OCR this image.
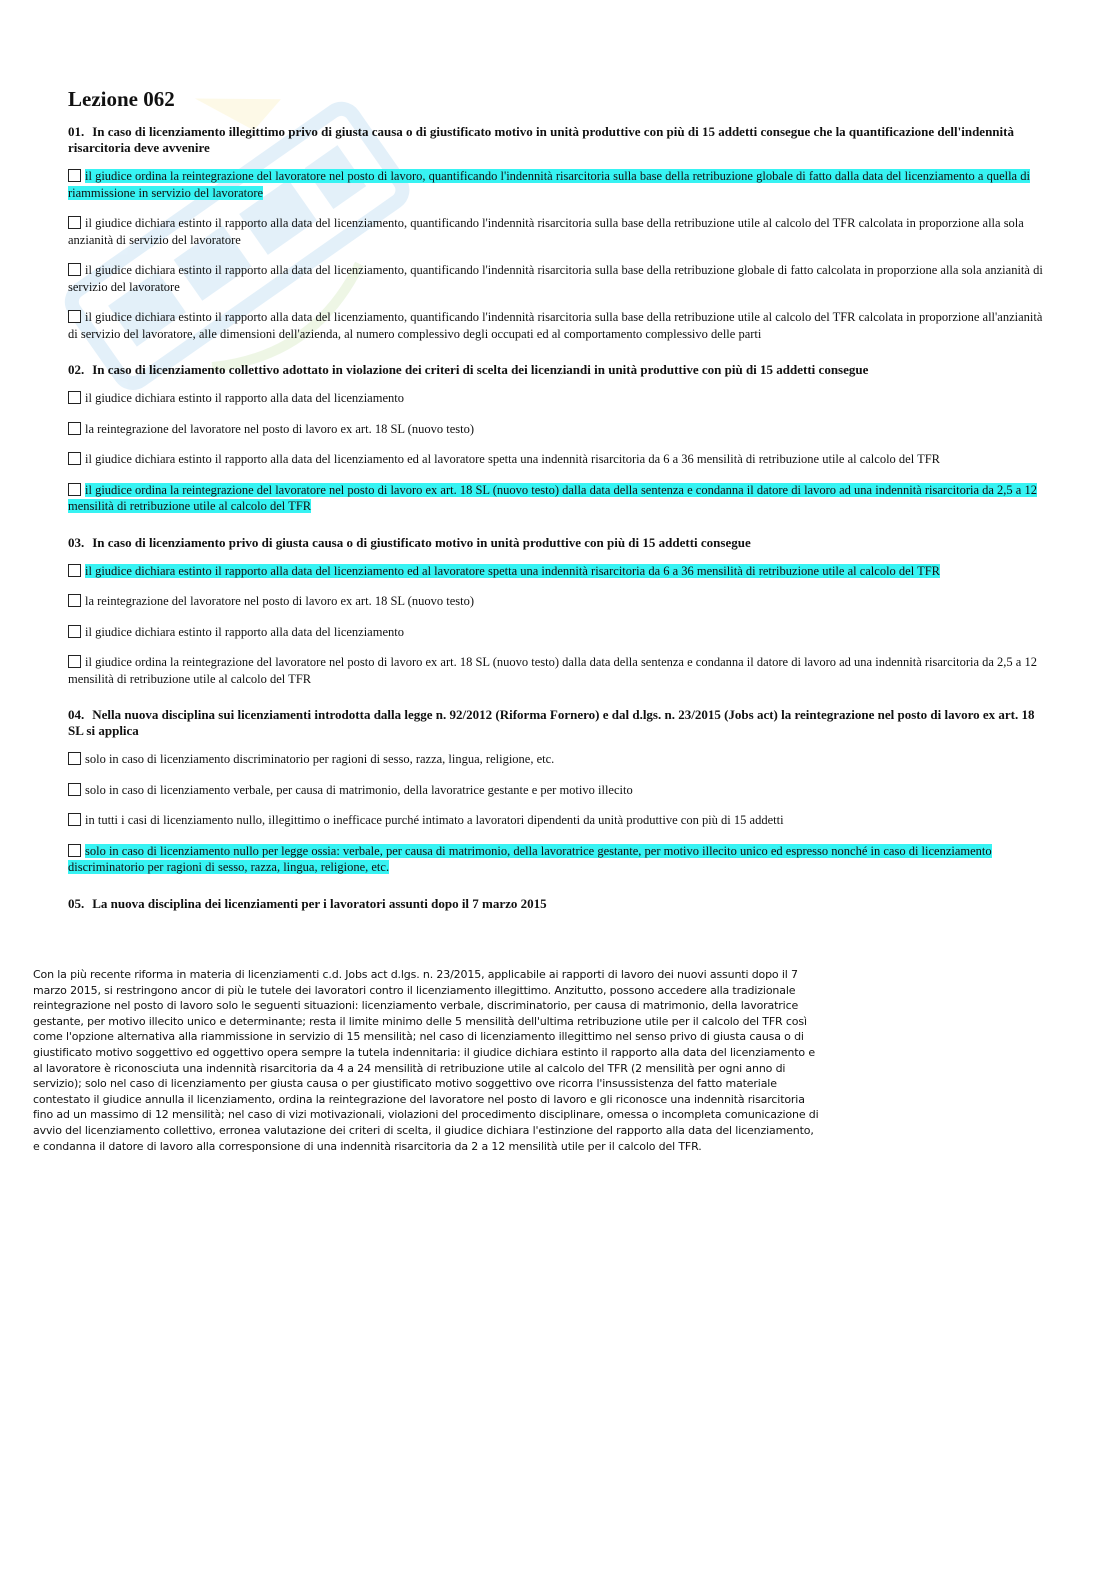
Lezione 062
01. In caso di licenziamento illegittimo privo di giusta causa o di giustificato motivo in unità produttive con più di 15 addetti consegue che la quantificazione dell'indennità risarcitoria deve avvenire
il giudice ordina la reintegrazione del lavoratore nel posto di lavoro, quantificando l'indennità risarcitoria sulla base della retribuzione globale di fatto dalla data del licenziamento a quella di riammissione in servizio del lavoratore
il giudice dichiara estinto il rapporto alla data del licenziamento, quantificando l'indennità risarcitoria sulla base della retribuzione utile al calcolo del TFR calcolata in proporzione alla sola anzianità di servizio del lavoratore
il giudice dichiara estinto il rapporto alla data del licenziamento, quantificando l'indennità risarcitoria sulla base della retribuzione globale di fatto calcolata in proporzione alla sola anzianità di servizio del lavoratore
il giudice dichiara estinto il rapporto alla data del licenziamento, quantificando l'indennità risarcitoria sulla base della retribuzione utile al calcolo del TFR calcolata in proporzione all'anzianità di servizio del lavoratore, alle dimensioni dell'azienda, al numero complessivo degli occupati ed al comportamento complessivo delle parti
02. In caso di licenziamento collettivo adottato in violazione dei criteri di scelta dei licenziandi in unità produttive con più di 15 addetti consegue
il giudice dichiara estinto il rapporto alla data del licenziamento
la reintegrazione del lavoratore nel posto di lavoro ex art. 18 SL (nuovo testo)
il giudice dichiara estinto il rapporto alla data del licenziamento ed al lavoratore spetta una indennità risarcitoria da 6 a 36 mensilità di retribuzione utile al calcolo del TFR
il giudice ordina la reintegrazione del lavoratore nel posto di lavoro ex art. 18 SL (nuovo testo) dalla data della sentenza e condanna il datore di lavoro ad una indennità risarcitoria da 2,5 a 12 mensilità di retribuzione utile al calcolo del TFR
03. In caso di licenziamento privo di giusta causa o di giustificato motivo in unità produttive con più di 15 addetti consegue
il giudice dichiara estinto il rapporto alla data del licenziamento ed al lavoratore spetta una indennità risarcitoria da 6 a 36 mensilità di retribuzione utile al calcolo del TFR
la reintegrazione del lavoratore nel posto di lavoro ex art. 18 SL (nuovo testo)
il giudice dichiara estinto il rapporto alla data del licenziamento
il giudice ordina la reintegrazione del lavoratore nel posto di lavoro ex art. 18 SL (nuovo testo) dalla data della sentenza e condanna il datore di lavoro ad una indennità risarcitoria da 2,5 a 12 mensilità di retribuzione utile al calcolo del TFR
04. Nella nuova disciplina sui licenziamenti introdotta dalla legge n. 92/2012 (Riforma Fornero) e dal d.lgs. n. 23/2015 (Jobs act) la reintegrazione nel posto di lavoro ex art. 18 SL si applica
solo in caso di licenziamento discriminatorio per ragioni di sesso, razza, lingua, religione, etc.
solo in caso di licenziamento verbale, per causa di matrimonio, della lavoratrice gestante e per motivo illecito
in tutti i casi di licenziamento nullo, illegittimo o inefficace purché intimato a lavoratori dipendenti da unità produttive con più di 15 addetti
solo in caso di licenziamento nullo per legge ossia: verbale, per causa di matrimonio, della lavoratrice gestante, per motivo illecito unico ed espresso nonché in caso di licenziamento discriminatorio per ragioni di sesso, razza, lingua, religione, etc.
05. La nuova disciplina dei licenziamenti per i lavoratori assunti dopo il 7 marzo 2015
Con la più recente riforma in materia di licenziamenti c.d. Jobs act d.lgs. n. 23/2015, applicabile ai rapporti di lavoro dei nuovi assunti dopo il 7 marzo 2015, si restringono ancor di più le tutele dei lavoratori contro il licenziamento illegittimo. Anzitutto, possono accedere alla tradizionale reintegrazione nel posto di lavoro solo le seguenti situazioni: licenziamento verbale, discriminatorio, per causa di matrimonio, della lavoratrice gestante, per motivo illecito unico e determinante; resta il limite minimo delle 5 mensilità dell'ultima retribuzione utile per il calcolo del TFR così come l'opzione alternativa alla riammissione in servizio di 15 mensilità; nel caso di licenziamento illegittimo nel senso privo di giusta causa o di giustificato motivo soggettivo ed oggettivo opera sempre la tutela indennitaria: il giudice dichiara estinto il rapporto alla data del licenziamento e al lavoratore è riconosciuta una indennità risarcitoria da 4 a 24 mensilità di retribuzione utile al calcolo del TFR (2 mensilità per ogni anno di servizio); solo nel caso di licenziamento per giusta causa o per giustificato motivo soggettivo ove ricorra l'insussistenza del fatto materiale contestato il giudice annulla il licenziamento, ordina la reintegrazione del lavoratore nel posto di lavoro e gli riconosce una indennità risarcitoria fino ad un massimo di 12 mensilità; nel caso di vizi motivazionali, violazioni del procedimento disciplinare, omessa o incompleta comunicazione di avvio del licenziamento collettivo, erronea valutazione dei criteri di scelta, il giudice dichiara l'estinzione del rapporto alla data del licenziamento, e condanna il datore di lavoro alla corresponsione di una indennità risarcitoria da 2 a 12 mensilità utile per il calcolo del TFR.
